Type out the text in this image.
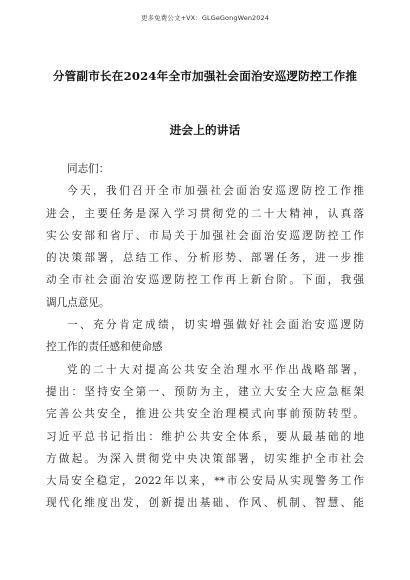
更多免费公文+VX：GLGeGongWen2024
分管副市长在2024年全市加强社会面治安巡逻防控工作推
进会上的讲话

同志们：

今天，我们召开全市加强社会面治安巡逻防控工作推
进会，主要任务是深入学习贯彻党的二十大精神，认真落
实公安部和省厅、市局关于加强社会面治安巡逻防控工作
的决策部署，总结工作、分析形势、部署任务，进一步推
动全市社会面治安巡逻防控工作再上新台阶。下面，我强
调几点意见。

一、充分肯定成绩，切实增强做好社会面治安巡逻防
控工作的责任感和使命感

党的二十大对提高公共安全治理水平作出战略部署，
提出：坚持安全第一、预防为主，建立大安全大应急框架
完善公共安全，推进公共安全治理模式向事前预防转型。
习近平总书记指出：维护公共安全体系，要从最基础的地
方做起。为深入贯彻党中央决策部署，切实维护全市社会
大局安全稳定，2022年以来，**市公安局从实现警务工作
现代化维度出发，创新提出基础、作风、机制、智慧、能
